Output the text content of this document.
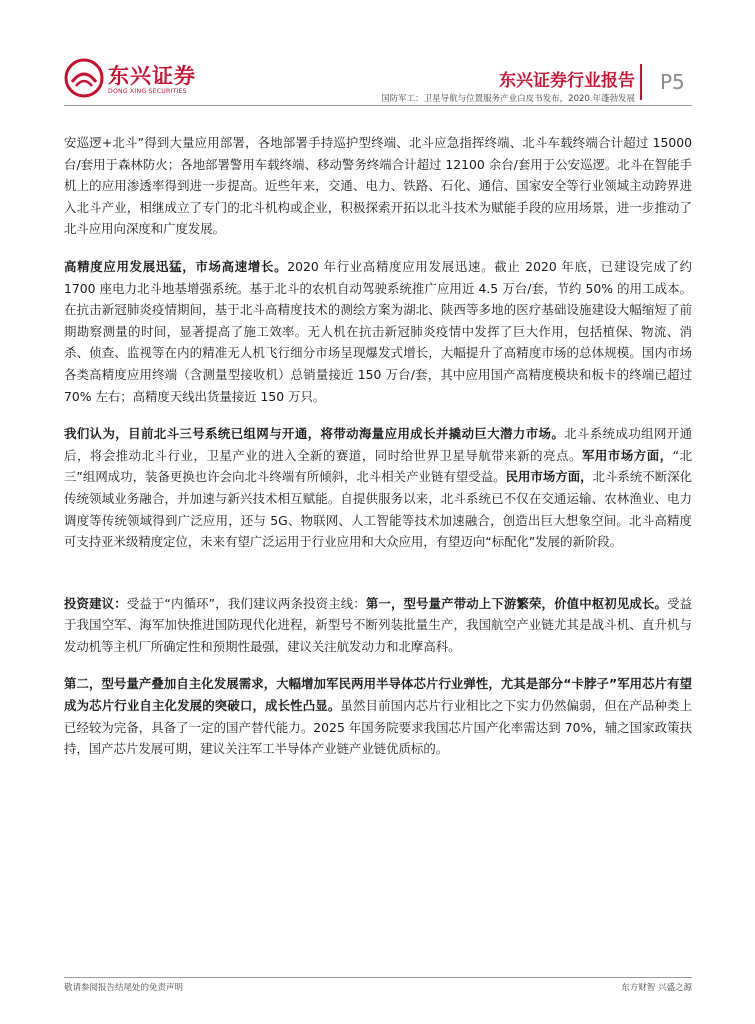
东兴证券
DONG XING SECURITIES
东兴证券行业报告 P5
国防军工：卫星导航与位置服务产业白皮书发布，2020 年蓬勃发展

安巡逻+北斗”得到大量应用部署，各地部署手持巡护型终端、北斗应急指挥终端、北斗车载终端合计超过 15000 台/套用于森林防火；各地部署警用车载终端、移动警务终端合计超过 12100 余台/套用于公安巡逻。北斗在智能手机上的应用渗透率得到进一步提高。近些年来，交通、电力、铁路、石化、通信、国家安全等行业领域主动跨界进入北斗产业，相继成立了专门的北斗机构或企业，积极探索开拓以北斗技术为赋能手段的应用场景，进一步推动了北斗应用向深度和广度发展。

高精度应用发展迅猛，市场高速增长。2020 年行业高精度应用发展迅速。截止 2020 年底，已建设完成了约 1700 座电力北斗地基增强系统。基于北斗的农机自动驾驶系统推广应用近 4.5 万台/套，节约 50% 的用工成本。在抗击新冠肺炎疫情期间，基于北斗高精度技术的测绘方案为湖北、陕西等多地的医疗基础设施建设大幅缩短了前期勘察测量的时间，显著提高了施工效率。无人机在抗击新冠肺炎疫情中发挥了巨大作用，包括植保、物流、消杀、侦查、监视等在内的精准无人机飞行细分市场呈现爆发式增长，大幅提升了高精度市场的总体规模。国内市场各类高精度应用终端（含测量型接收机）总销量接近 150 万台/套，其中应用国产高精度模块和板卡的终端已超过 70% 左右；高精度天线出货量接近 150 万只。

我们认为，目前北斗三号系统已组网与开通，将带动海量应用成长并撬动巨大潜力市场。北斗系统成功组网开通后，将会推动北斗行业，卫星产业的进入全新的赛道，同时给世界卫星导航带来新的亮点。军用市场方面，“北三”组网成功，装备更换也许会向北斗终端有所倾斜，北斗相关产业链有望受益。民用市场方面，北斗系统不断深化传统领域业务融合，并加速与新兴技术相互赋能。自提供服务以来，北斗系统已不仅在交通运输、农林渔业、电力调度等传统领域得到广泛应用，还与 5G、物联网、人工智能等技术加速融合，创造出巨大想象空间。北斗高精度可支持亚米级精度定位，未来有望广泛运用于行业应用和大众应用，有望迈向“标配化”发展的新阶段。

投资建议：受益于“内循环”，我们建议两条投资主线：第一，型号量产带动上下游繁荣，价值中枢初见成长。受益于我国空军、海军加快推进国防现代化进程，新型号不断列装批量生产，我国航空产业链尤其是战斗机、直升机与发动机等主机厂所确定性和预期性最强，建议关注航发动力和北摩高科。

第二，型号量产叠加自主化发展需求，大幅增加军民两用半导体芯片行业弹性，尤其是部分“卡脖子”军用芯片有望成为芯片行业自主化发展的突破口，成长性凸显。虽然目前国内芯片行业相比之下实力仍然偏弱，但在产品种类上已经较为完备，具备了一定的国产替代能力。2025 年国务院要求我国芯片国产化率需达到 70%，辅之国家政策扶持，国产芯片发展可期，建议关注军工半导体产业链产业链优质标的。

敬请参阅报告结尾处的免责声明	东方财智 兴盛之源
